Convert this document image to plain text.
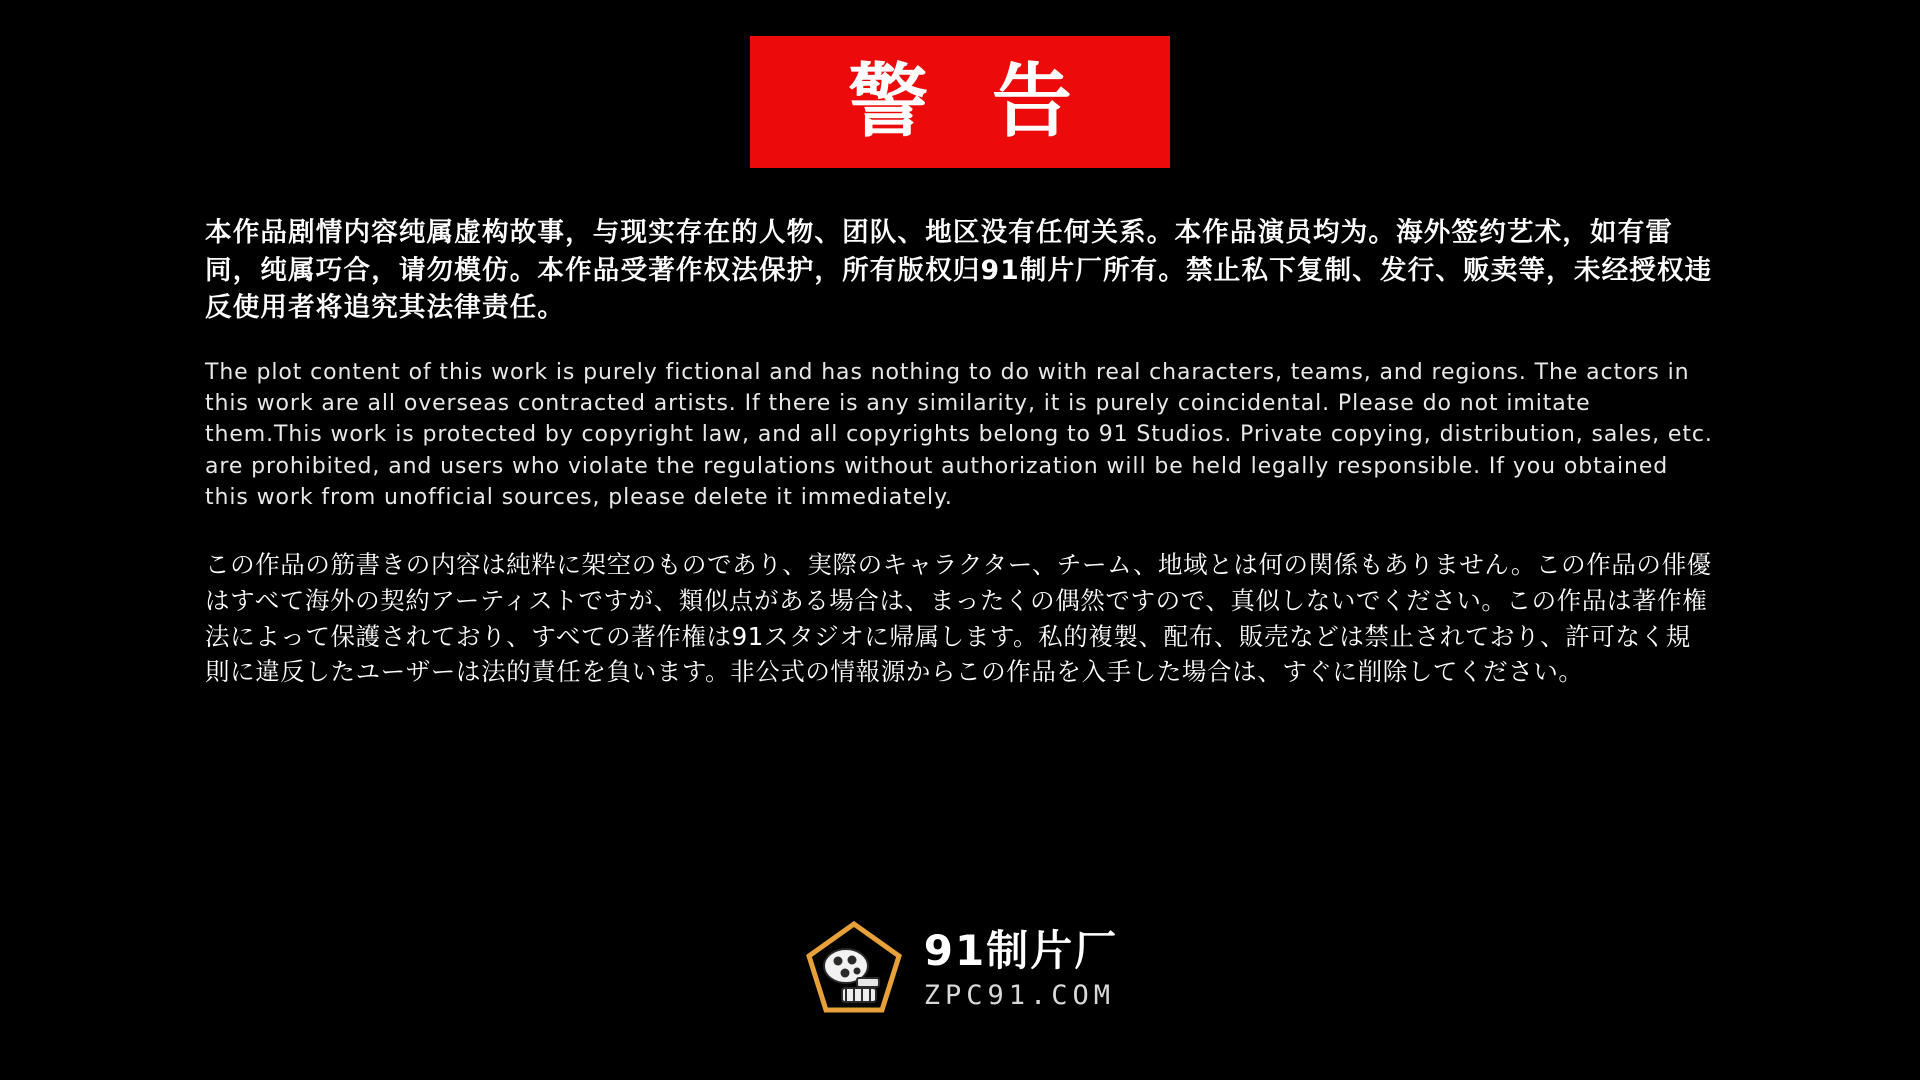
警 告
本作品剧情内容纯属虚构故事，与现实存在的人物、团队、地区没有任何关系。本作品演员均为。海外签约艺术，如有雷同，纯属巧合，请勿模仿。本作品受著作权法保护，所有版权归91制片厂所有。禁止私下复制、发行、贩卖等，未经授权违反使用者将追究其法律责任。
The plot content of this work is purely fictional and has nothing to do with real characters, teams, and regions. The actors in this work are all overseas contracted artists. If there is any similarity, it is purely coincidental. Please do not imitate them.This work is protected by copyright law, and all copyrights belong to 91 Studios. Private copying, distribution, sales, etc. are prohibited, and users who violate the regulations without authorization will be held legally responsible. If you obtained this work from unofficial sources, please delete it immediately.
この作品の筋書きの内容は純粋に架空のものであり、実際のキャラクター、チーム、地域とは何の関係もありません。この作品の俳優はすべて海外の契約アーティストですが、類似点がある場合は、まったくの偶然ですので、真似しないでください。この作品は著作権法によって保護されており、すべての著作権は91スタジオに帰属します。私的複製、配布、販売などは禁止されており、許可なく規則に違反したユーザーは法的責任を負います。非公式の情報源からこの作品を入手した場合は、すぐに削除してください。
91制片厂
ZPC91.COM
